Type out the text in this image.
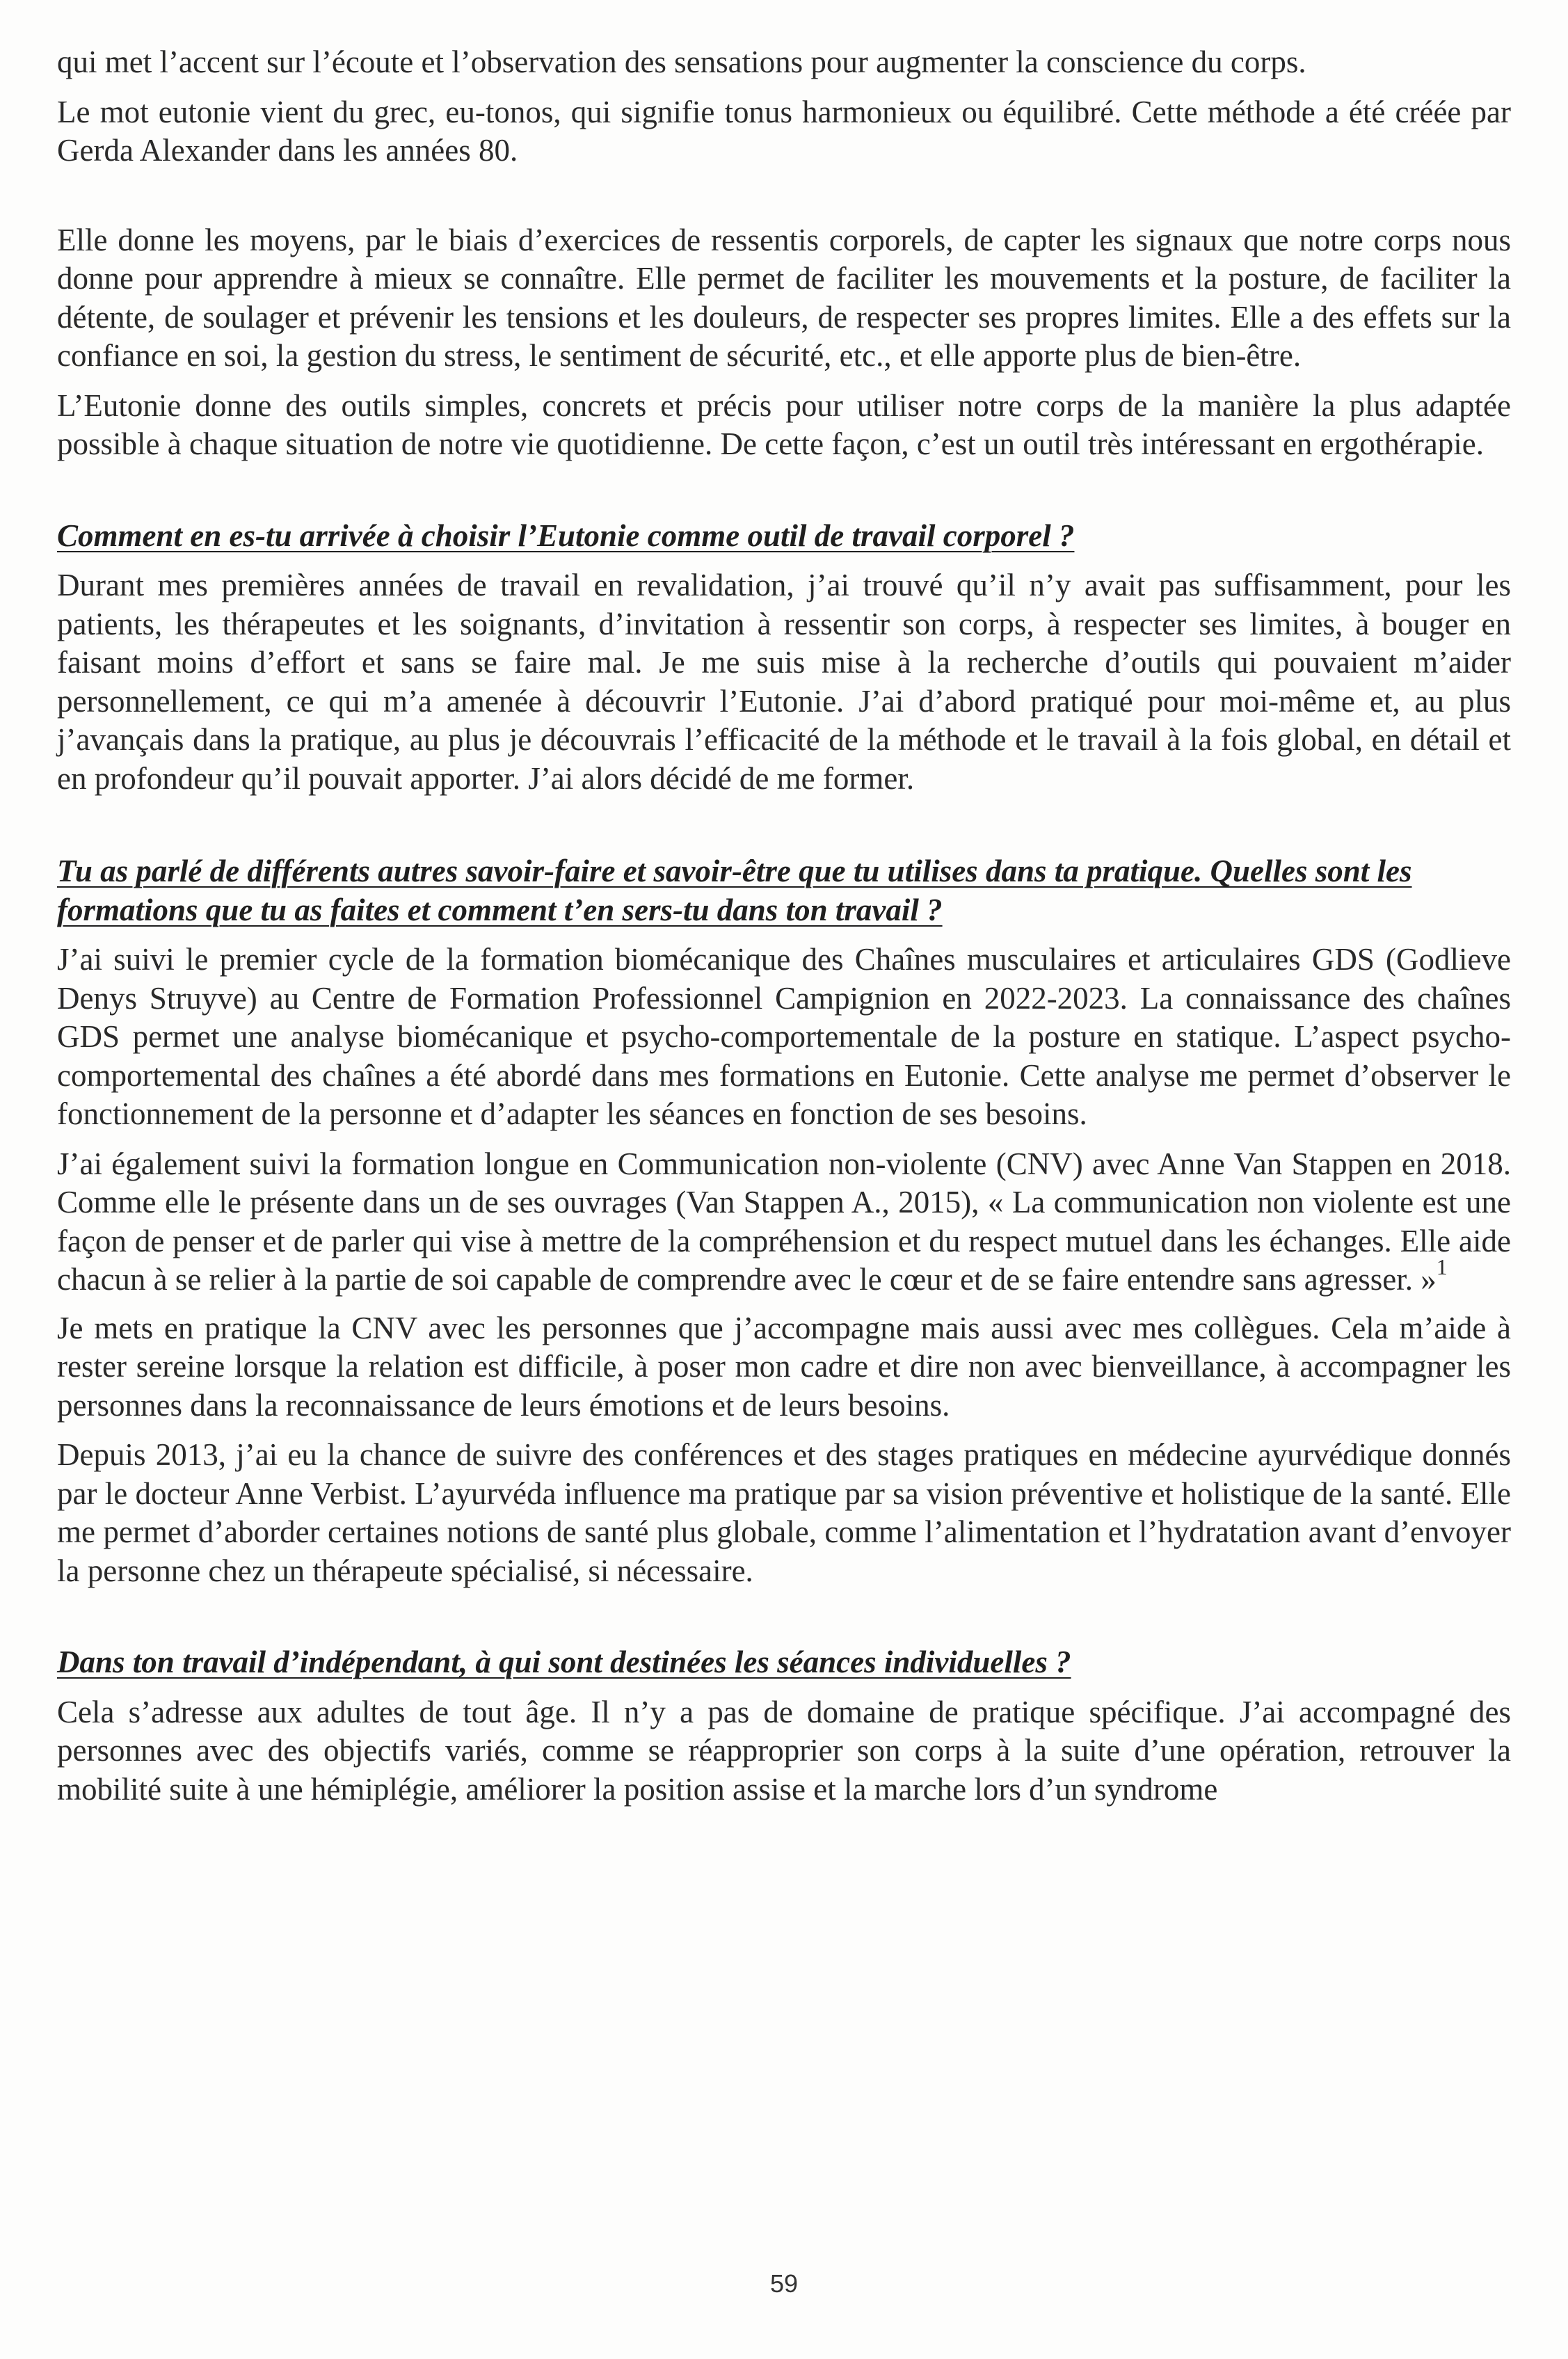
qui met l’accent sur l’écoute et l’observation des sensations pour augmenter la conscience du corps.

Le mot eutonie vient du grec, eu-tonos, qui signifie tonus harmonieux ou équilibré. Cette méthode a été créée par Gerda Alexander dans les années 80.

Elle donne les moyens, par le biais d’exercices de ressentis corporels, de capter les signaux que notre corps nous donne pour apprendre à mieux se connaître. Elle permet de faciliter les mouvements et la posture, de faciliter la détente, de soulager et prévenir les tensions et les douleurs, de respecter ses propres limites. Elle a des effets sur la confiance en soi, la gestion du stress, le sentiment de sécurité, etc., et elle apporte plus de bien-être.

L’Eutonie donne des outils simples, concrets et précis pour utiliser notre corps de la manière la plus adaptée possible à chaque situation de notre vie quotidienne. De cette façon, c’est un outil très intéressant en ergothérapie.

Comment en es-tu arrivée à choisir l’Eutonie comme outil de travail corporel ?

Durant mes premières années de travail en revalidation, j’ai trouvé qu’il n’y avait pas suffisamment, pour les patients, les thérapeutes et les soignants, d’invitation à ressentir son corps, à respecter ses limites, à bouger en faisant moins d’effort et sans se faire mal. Je me suis mise à la recherche d’outils qui pouvaient m’aider personnellement, ce qui m’a amenée à découvrir l’Eutonie. J’ai d’abord pratiqué pour moi-même et, au plus j’avançais dans la pratique, au plus je découvrais l’efficacité de la méthode et le travail à la fois global, en détail et en profondeur qu’il pouvait apporter. J’ai alors décidé de me former.

Tu as parlé de différents autres savoir-faire et savoir-être que tu utilises dans ta pratique. Quelles sont les formations que tu as faites et comment t’en sers-tu dans ton travail ?

J’ai suivi le premier cycle de la formation biomécanique des Chaînes musculaires et articulaires GDS (Godlieve Denys Struyve) au Centre de Formation Professionnel Campignion en 2022-2023. La connaissance des chaînes GDS permet une analyse biomécanique et psycho-comportementale de la posture en statique. L’aspect psycho-comportemental des chaînes a été abordé dans mes formations en Eutonie. Cette analyse me permet d’observer le fonctionnement de la personne et d’adapter les séances en fonction de ses besoins.

J’ai également suivi la formation longue en Communication non-violente (CNV) avec Anne Van Stappen en 2018. Comme elle le présente dans un de ses ouvrages (Van Stappen A., 2015), « La communication non violente est une façon de penser et de parler qui vise à mettre de la compréhension et du respect mutuel dans les échanges. Elle aide chacun à se relier à la partie de soi capable de comprendre avec le cœur et de se faire entendre sans agresser. »$^1$

Je mets en pratique la CNV avec les personnes que j’accompagne mais aussi avec mes collègues. Cela m’aide à rester sereine lorsque la relation est difficile, à poser mon cadre et dire non avec bienveillance, à accompagner les personnes dans la reconnaissance de leurs émotions et de leurs besoins.

Depuis 2013, j’ai eu la chance de suivre des conférences et des stages pratiques en médecine ayurvédique donnés par le docteur Anne Verbist. L’ayurvéda influence ma pratique par sa vision préventive et holistique de la santé. Elle me permet d’aborder certaines notions de santé plus globale, comme l’alimentation et l’hydratation avant d’envoyer la personne chez un thérapeute spécialisé, si nécessaire.

Dans ton travail d’indépendant, à qui sont destinées les séances individuelles ?

Cela s’adresse aux adultes de tout âge. Il n’y a pas de domaine de pratique spécifique. J’ai accompagné des personnes avec des objectifs variés, comme se réapproprier son corps à la suite d’une opération, retrouver la mobilité suite à une hémiplégie, améliorer la position assise et la marche lors d’un syndrome

59
